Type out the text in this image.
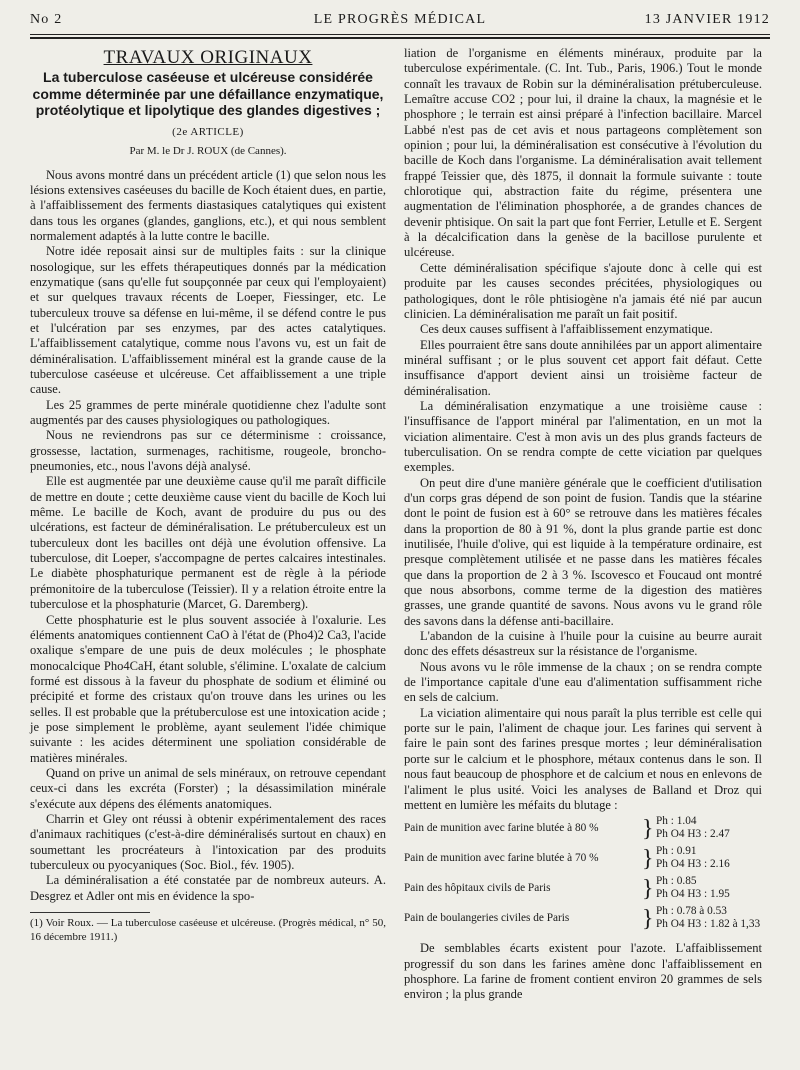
LE PROGRÈS MÉDICAL
No 2	13 JANVIER 1912
TRAVAUX ORIGINAUX
La tuberculose caséeuse et ulcéreuse considérée comme déterminée par une défaillance enzymatique, protéolytique et lipolytique des glandes digestives ;
(2e ARTICLE)
Par M. le Dr J. ROUX (de Cannes).

Nous avons montré dans un précédent article (1) que selon nous les lésions extensives caséeuses du bacille de Koch étaient dues, en partie, à l'affaiblissement des ferments diastasiques catalytiques qui existent dans tous les organes (glandes, ganglions, etc.), et qui nous semblent normalement adaptés à la lutte contre le bacille.

Notre idée reposait ainsi sur de multiples faits : sur la clinique nosologique, sur les effets thérapeutiques donnés par la médication enzymatique (sans qu'elle fut soupçonnée par ceux qui l'employaient) et sur quelques travaux récents de Loeper, Fiessinger, etc. Le tuberculeux trouve sa défense en lui-même, il se défend contre le pus et l'ulcération par ses enzymes, par des actes catalytiques. L'affaiblissement catalytique, comme nous l'avons vu, est un fait de déminéralisation. L'affaiblissement minéral est la grande cause de la tuberculose caséeuse et ulcéreuse. Cet affaiblissement a une triple cause.

Les 25 grammes de perte minérale quotidienne chez l'adulte sont augmentés par des causes physiologiques ou pathologiques.

Nous ne reviendrons pas sur ce déterminisme : croissance, grossesse, lactation, surmenages, rachitisme, rougeole, broncho-pneumonies, etc., nous l'avons déjà analysé.

Elle est augmentée par une deuxième cause qu'il me paraît difficile de mettre en doute ; cette deuxième cause vient du bacille de Koch lui même. Le bacille de Koch, avant de produire du pus ou des ulcérations, est facteur de déminéralisation. Le prétuberculeux est un tuberculeux dont les bacilles ont déjà une évolution offensive. La tuberculose, dit Loeper, s'accompagne de pertes calcaires intestinales. Le diabète phosphaturique permanent est de règle à la période prémonitoire de la tuberculose (Teissier). Il y a relation étroite entre la tuberculose et la phosphaturie (Marcet, G. Daremberg).

Cette phosphaturie est le plus souvent associée à l'oxalurie. Les éléments anatomiques contiennent CaO à l'état de (Pho4)2 Ca3, l'acide oxalique s'empare de une puis de deux molécules ; le phosphate monocalcique Pho4CaH, étant soluble, s'élimine. L'oxalate de calcium formé est dissous à la faveur du phosphate de sodium et éliminé ou précipité et forme des cristaux qu'on trouve dans les urines ou les selles. Il est probable que la prétuberculose est une intoxication acide ; je pose simplement le problème, ayant seulement l'idée chimique suivante : les acides déterminent une spoliation considérable de matières minérales.

Quand on prive un animal de sels minéraux, on retrouve cependant ceux-ci dans les excréta (Forster) ; la désassimilation minérale s'exécute aux dépens des éléments anatomiques.

Charrin et Gley ont réussi à obtenir expérimentalement des races d'animaux rachitiques (c'est-à-dire déminéralisés surtout en chaux) en soumettant les procréateurs à l'intoxication par des produits tuberculeux ou pyocyaniques (Soc. Biol., fév. 1905).

La déminéralisation a été constatée par de nombreux auteurs. A. Desgrez et Adler ont mis en évidence la spo-

(1) Voir Roux. — La tuberculose caséeuse et ulcéreuse. (Progrès médical, n° 50, 16 décembre 1911.)

liation de l'organisme en éléments minéraux, produite par la tuberculose expérimentale. (C. Int. Tub., Paris, 1906.) Tout le monde connaît les travaux de Robin sur la déminéralisation prétuberculeuse. Lemaître accuse CO2 ; pour lui, il draine la chaux, la magnésie et le phosphore ; le terrain est ainsi préparé à l'infection bacillaire. Marcel Labbé n'est pas de cet avis et nous partageons complètement son opinion ; pour lui, la déminéralisation est consécutive à l'évolution du bacille de Koch dans l'organisme. La déminéralisation avait tellement frappé Teissier que, dès 1875, il donnait la formule suivante : toute chlorotique qui, abstraction faite du régime, présentera une augmentation de l'élimination phosphorée, a de grandes chances de devenir phtisique. On sait la part que font Ferrier, Letulle et E. Sergent à la décalcification dans la genèse de la bacillose purulente et ulcéreuse.

Cette déminéralisation spécifique s'ajoute donc à celle qui est produite par les causes secondes précitées, physiologiques ou pathologiques, dont le rôle phtisiogène n'a jamais été nié par aucun clinicien. La déminéralisation me paraît un fait positif.

Ces deux causes suffisent à l'affaiblissement enzymatique.

Elles pourraient être sans doute annihilées par un apport alimentaire minéral suffisant ; or le plus souvent cet apport fait défaut. Cette insuffisance d'apport devient ainsi un troisième facteur de déminéralisation.

La déminéralisation enzymatique a une troisième cause : l'insuffisance de l'apport minéral par l'alimentation, en un mot la viciation alimentaire. C'est à mon avis un des plus grands facteurs de tuberculisation. On se rendra compte de cette viciation par quelques exemples.

On peut dire d'une manière générale que le coefficient d'utilisation d'un corps gras dépend de son point de fusion. Tandis que la stéarine dont le point de fusion est à 60° se retrouve dans les matières fécales dans la proportion de 80 à 91 %, dont la plus grande partie est donc inutilisée, l'huile d'olive, qui est liquide à la température ordinaire, est presque complètement utilisée et ne passe dans les matières fécales que dans la proportion de 2 à 3 %. Iscovesco et Foucaud ont montré que nous absorbons, comme terme de la digestion des matières grasses, une grande quantité de savons. Nous avons vu le grand rôle des savons dans la défense anti-bacillaire.

L'abandon de la cuisine à l'huile pour la cuisine au beurre aurait donc des effets désastreux sur la résistance de l'organisme.

Nous avons vu le rôle immense de la chaux ; on se rendra compte de l'importance capitale d'une eau d'alimentation suffisamment riche en sels de calcium.

La viciation alimentaire qui nous paraît la plus terrible est celle qui porte sur le pain, l'aliment de chaque jour. Les farines qui servent à faire le pain sont des farines presque mortes ; leur déminéralisation porte sur le calcium et le phosphore, métaux contenus dans le son. Il nous faut beaucoup de phosphore et de calcium et nous en enlevons de l'aliment le plus usité. Voici les analyses de Balland et Droz qui mettent en lumière les méfaits du blutage :

Pain de munition avec farine blutée à 80 % } Ph : 1.04
Ph O4 H3 : 2.47
Pain de munition avec farine blutée à 70 % } Ph : 0.91
Ph O4 H3 : 2.16
Pain des hôpitaux civils de Paris	} Ph : 0.85
Ph O4 H3 : 1.95
Pain de boulangeries civiles de Paris	} Ph : 0.78 à 0.53
Ph O4 H3 : 1.82 à 1,33

De semblables écarts existent pour l'azote. L'affaiblissement progressif du son dans les farines amène donc l'affaiblissement en phosphore. La farine de froment contient environ 20 grammes de sels environ ; la plus grande
